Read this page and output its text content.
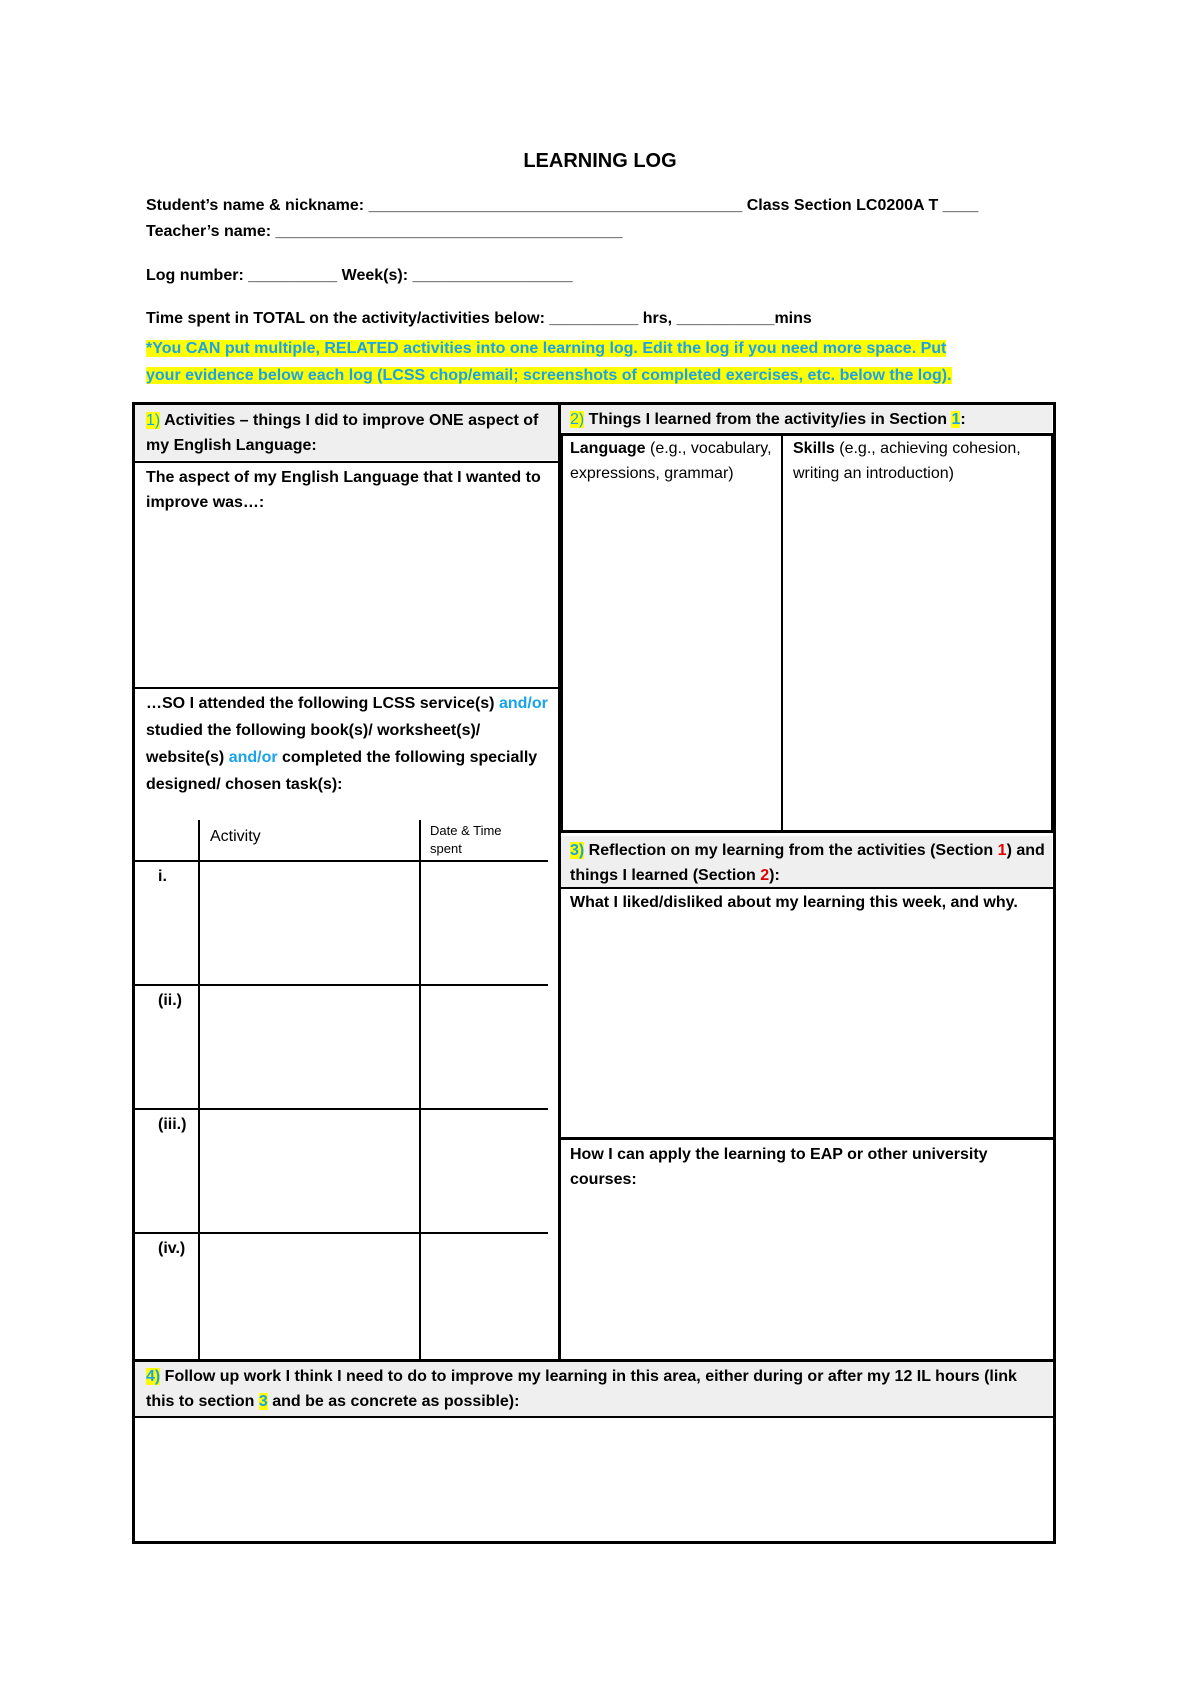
LEARNING LOG
Student’s name & nickname: __________________________________________ Class Section LC0200A T ____
Teacher’s name: _______________________________________
Log number: __________ Week(s): __________________
Time spent in TOTAL on the activity/activities below: __________ hrs, ___________mins
*You CAN put multiple, RELATED activities into one learning log. Edit the log if you need more space. Put
your evidence below each log (LCSS chop/email; screenshots of completed exercises, etc. below the log).
1) Activities – things I did to improve ONE aspect of my English Language:
The aspect of my English Language that I wanted to improve was…:
…SO I attended the following LCSS service(s) and/or studied the following book(s)/ worksheet(s)/ website(s) and/or completed the following specially designed/ chosen task(s):
Activity	Date & Time spent
i.
(ii.)
(iii.)
(iv.)
2) Things I learned from the activity/ies in Section 1:
Language (e.g., vocabulary, expressions, grammar)
Skills (e.g., achieving cohesion, writing an introduction)
3) Reflection on my learning from the activities (Section 1) and things I learned (Section 2):
What I liked/disliked about my learning this week, and why.
How I can apply the learning to EAP or other university courses:
4) Follow up work I think I need to do to improve my learning in this area, either during or after my 12 IL hours (link this to section 3 and be as concrete as possible):
